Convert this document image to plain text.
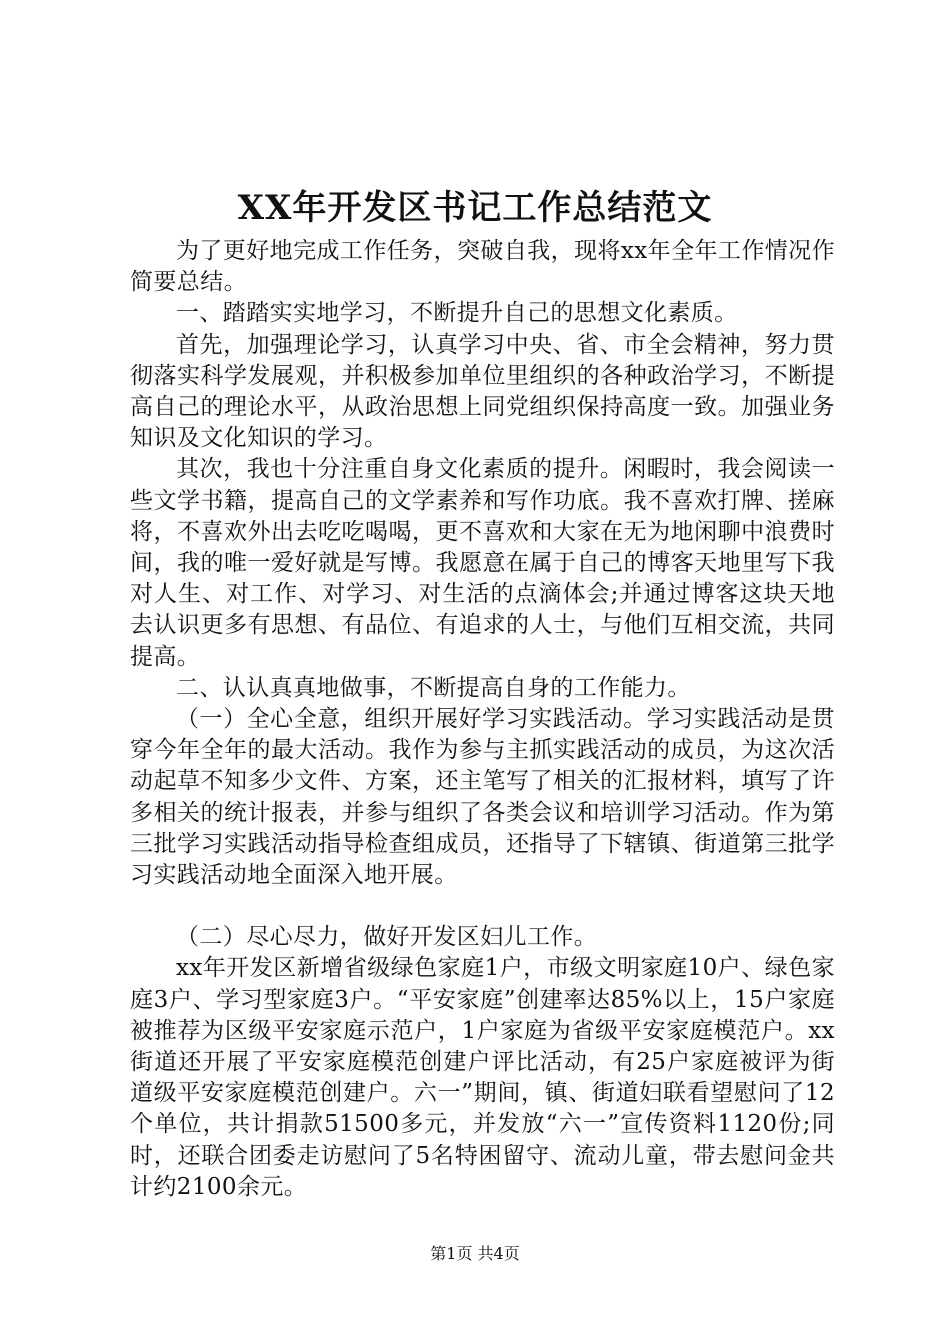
XX年开发区书记工作总结范文

为了更好地完成工作任务，突破自我，现将xx年全年工作情况作简要总结。

一、踏踏实实地学习，不断提升自己的思想文化素质。

首先，加强理论学习，认真学习中央、省、市全会精神，努力贯彻落实科学发展观，并积极参加单位里组织的各种政治学习，不断提高自己的理论水平，从政治思想上同党组织保持高度一致。加强业务知识及文化知识的学习。

其次，我也十分注重自身文化素质的提升。闲暇时，我会阅读一些文学书籍，提高自己的文学素养和写作功底。我不喜欢打牌、搓麻将，不喜欢外出去吃吃喝喝，更不喜欢和大家在无为地闲聊中浪费时间，我的唯一爱好就是写博。我愿意在属于自己的博客天地里写下我对人生、对工作、对学习、对生活的点滴体会;并通过博客这块天地去认识更多有思想、有品位、有追求的人士，与他们互相交流，共同提高。

二、认认真真地做事，不断提高自身的工作能力。

（一）全心全意，组织开展好学习实践活动。学习实践活动是贯穿今年全年的最大活动。我作为参与主抓实践活动的成员，为这次活动起草不知多少文件、方案，还主笔写了相关的汇报材料，填写了许多相关的统计报表，并参与组织了各类会议和培训学习活动。作为第三批学习实践活动指导检查组成员，还指导了下辖镇、街道第三批学习实践活动地全面深入地开展。

（二）尽心尽力，做好开发区妇儿工作。

xx年开发区新增省级绿色家庭1户，市级文明家庭10户、绿色家庭3户、学习型家庭3户。“平安家庭”创建率达85%以上，15户家庭被推荐为区级平安家庭示范户，1户家庭为省级平安家庭模范户。xx街道还开展了平安家庭模范创建户评比活动，有25户家庭被评为街道级平安家庭模范创建户。六一”期间，镇、街道妇联看望慰问了12个单位，共计捐款51500多元，并发放“六一”宣传资料1120份;同时，还联合团委走访慰问了5名特困留守、流动儿童，带去慰问金共计约2100余元。

第1页 共4页
